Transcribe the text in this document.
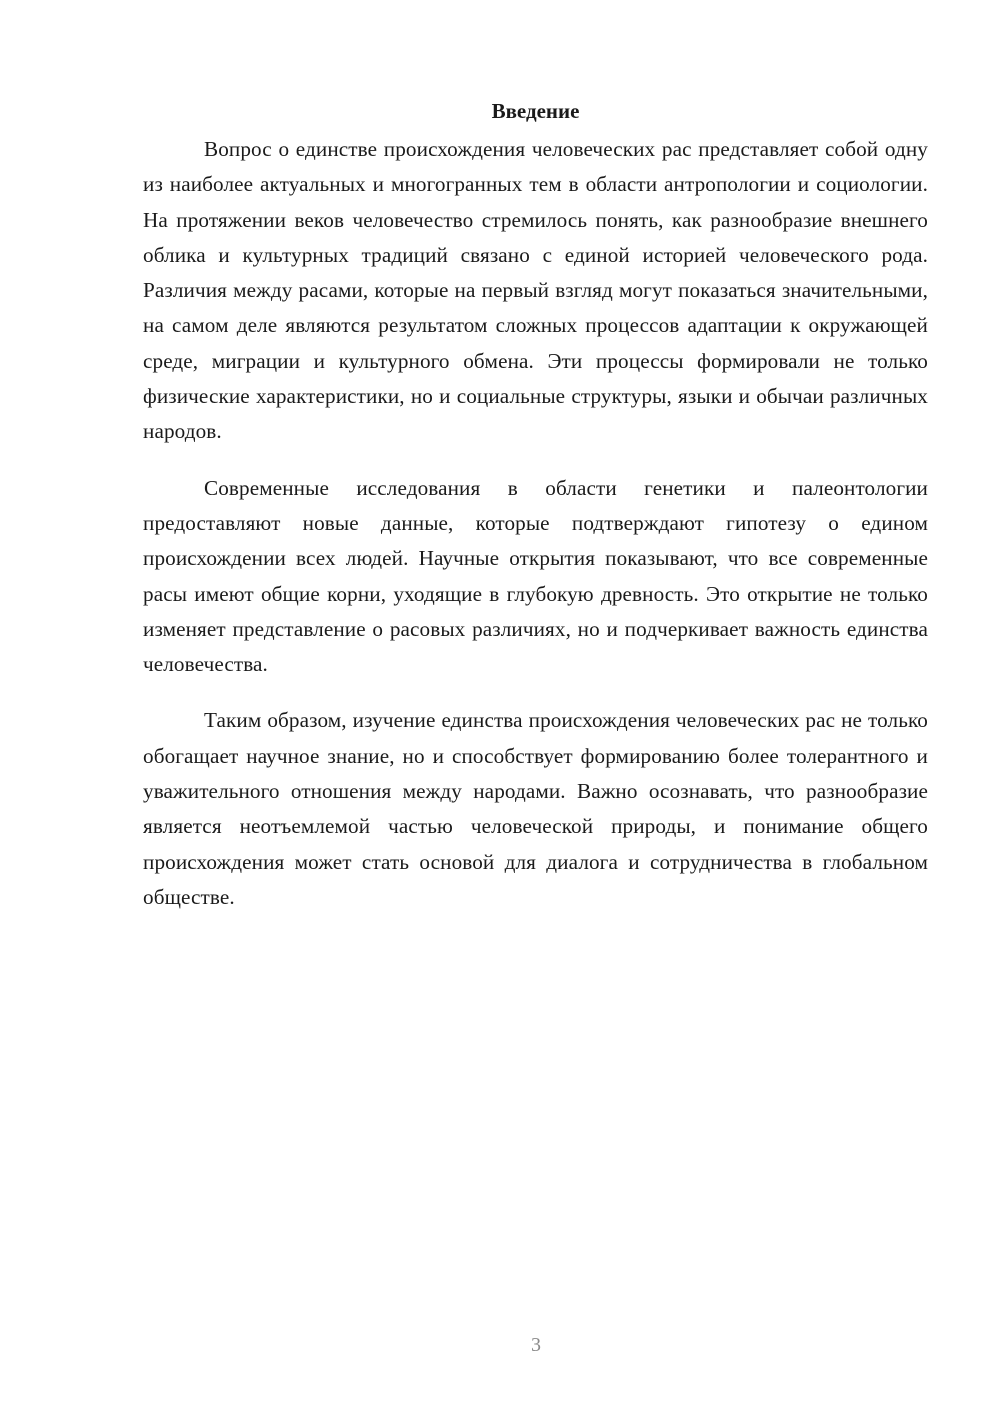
Введение

Вопрос о единстве происхождения человеческих рас представляет собой одну из наиболее актуальных и многогранных тем в области антропологии и социологии. На протяжении веков человечество стремилось понять, как разнообразие внешнего облика и культурных традиций связано с единой историей человеческого рода. Различия между расами, которые на первый взгляд могут показаться значительными, на самом деле являются результатом сложных процессов адаптации к окружающей среде, миграции и культурного обмена. Эти процессы формировали не только физические характеристики, но и социальные структуры, языки и обычаи различных народов.

Современные исследования в области генетики и палеонтологии предоставляют новые данные, которые подтверждают гипотезу о едином происхождении всех людей. Научные открытия показывают, что все современные расы имеют общие корни, уходящие в глубокую древность. Это открытие не только изменяет представление о расовых различиях, но и подчеркивает важность единства человечества.

Таким образом, изучение единства происхождения человеческих рас не только обогащает научное знание, но и способствует формированию более толерантного и уважительного отношения между народами. Важно осознавать, что разнообразие является неотъемлемой частью человеческой природы, и понимание общего происхождения может стать основой для диалога и сотрудничества в глобальном обществе.

3
